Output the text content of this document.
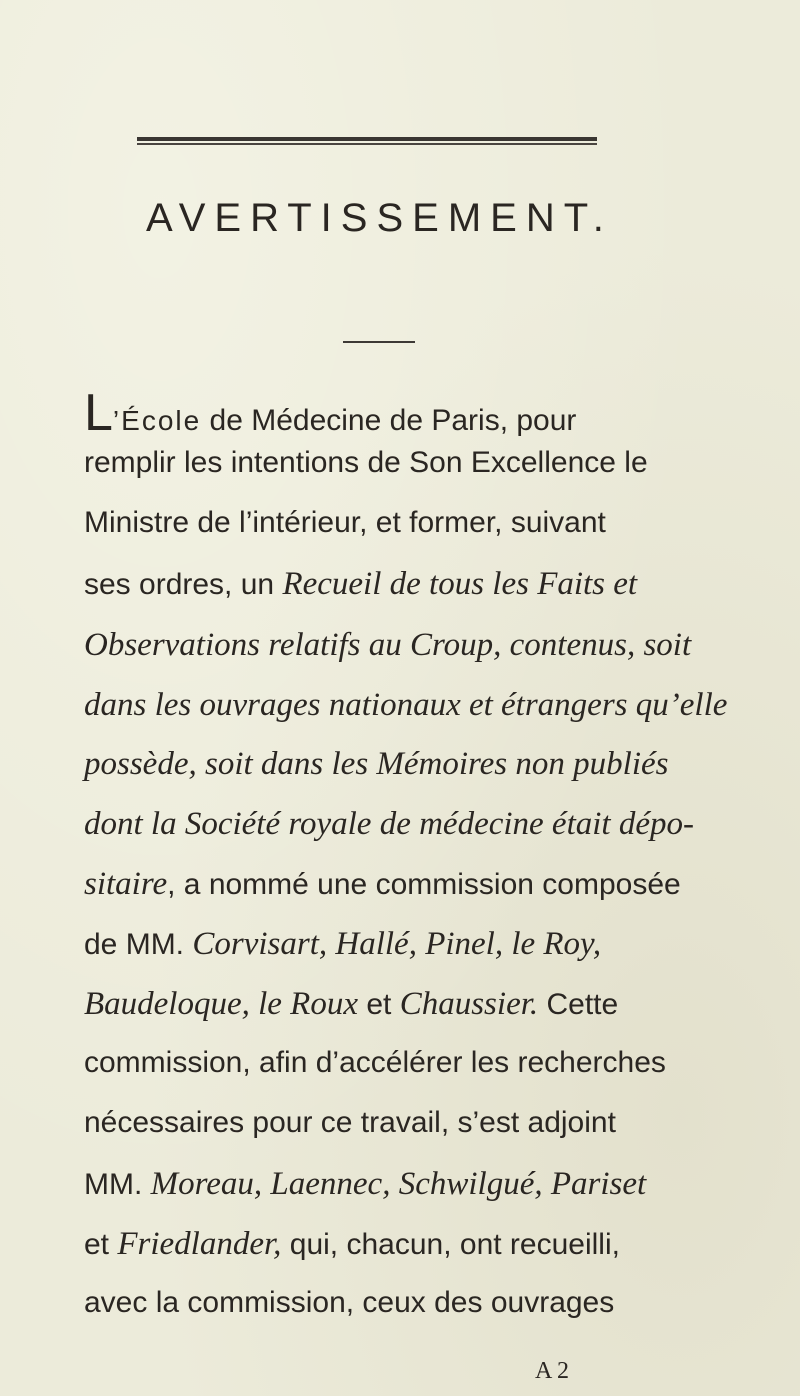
AVERTISSEMENT.
L’École de Médecine de Paris, pour
remplir les intentions de Son Excellence le
Ministre de l’intérieur, et former, suivant
ses ordres, un Recueil de tous les Faits et
Observations relatifs au Croup, contenus, soit
dans les ouvrages nationaux et étrangers qu’elle
possède, soit dans les Mémoires non publiés
dont la Société royale de médecine était dépo-
sitaire, a nommé une commission composée
de MM. Corvisart, Hallé, Pinel, le Roy,
Baudeloque, le Roux et Chaussier. Cette
commission, afin d’accélérer les recherches
nécessaires pour ce travail, s’est adjoint
MM. Moreau, Laennec, Schwilgué, Pariset
et Friedlander, qui, chacun, ont recueilli,
avec la commission, ceux des ouvrages
A 2
